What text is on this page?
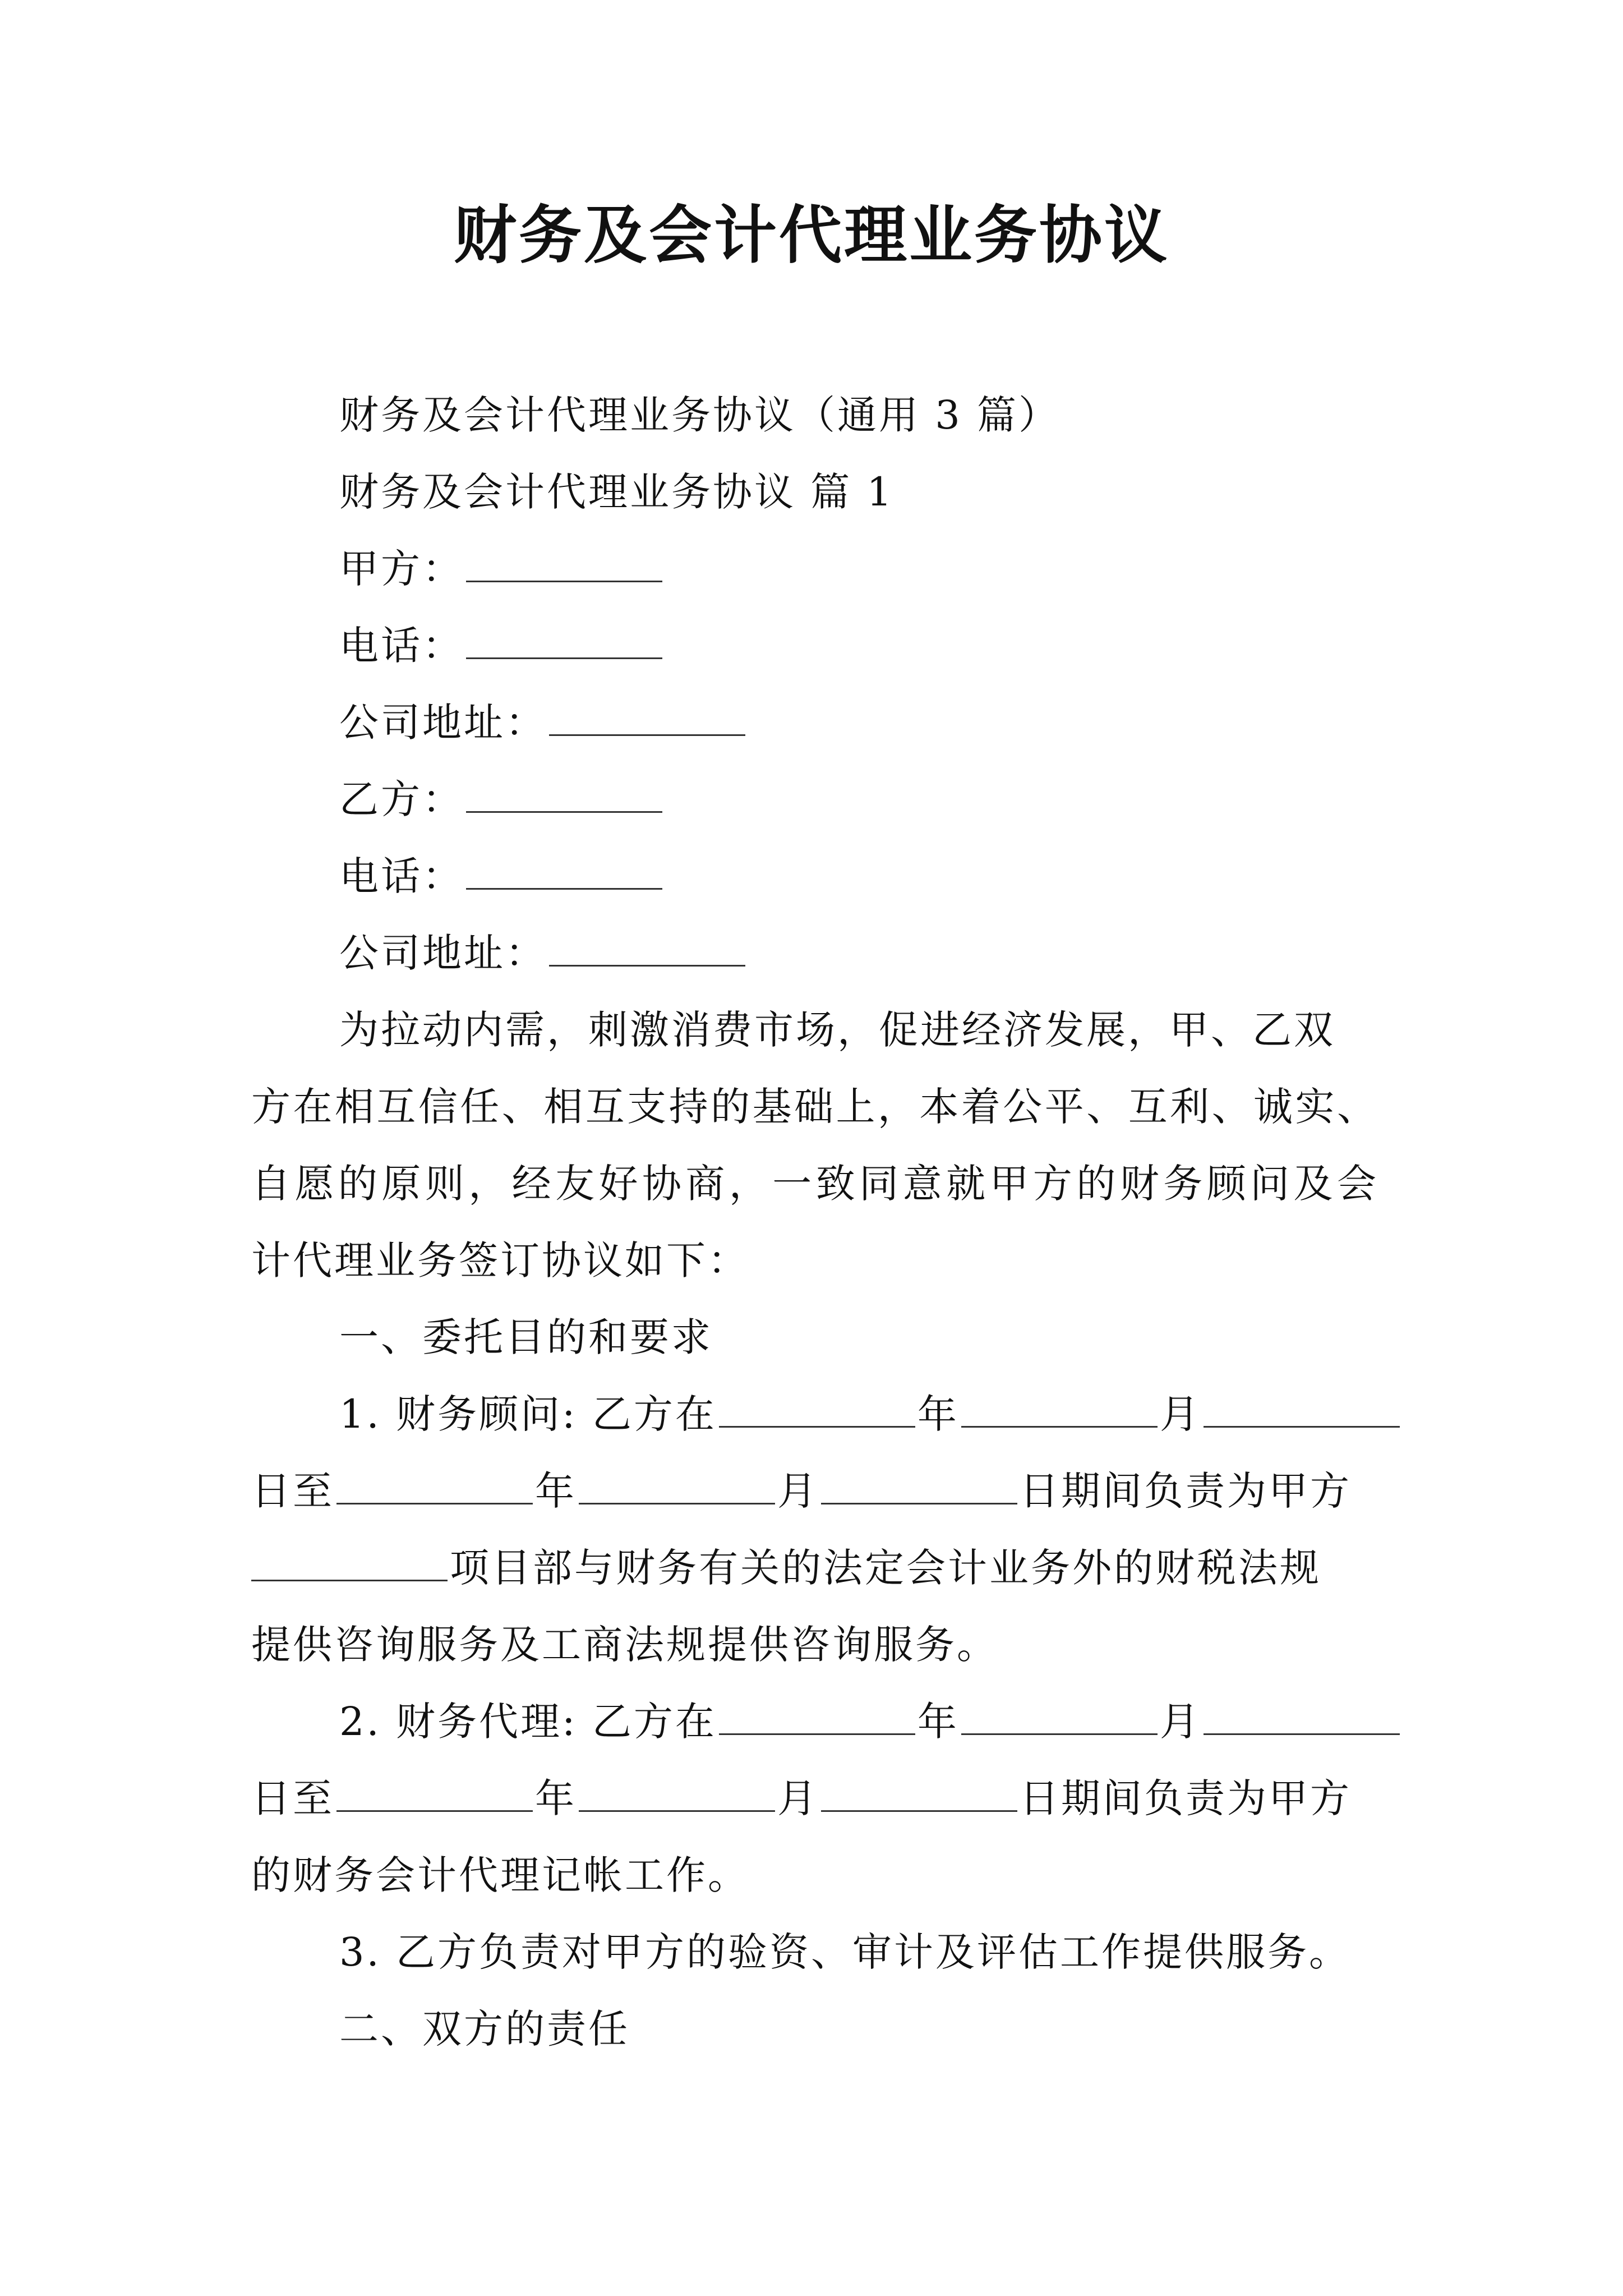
财务及会计代理业务协议
财务及会计代理业务协议（通用 3 篇）
财务及会计代理业务协议 篇 1
甲方：
电话：
公司地址：
乙方：
电话：
公司地址：
为拉动内需，刺激消费市场，促进经济发展，甲、乙双
方在相互信任、相互支持的基础上，本着公平、互利、诚实、
自愿的原则，经友好协商，一致同意就甲方的财务顾问及会
计代理业务签订协议如下：
一、委托目的和要求
1. 财务顾问: 乙方在	年	月
日至	年	月	日期间负责为甲方
项目部与财务有关的法定会计业务外的财税法规
提供咨询服务及工商法规提供咨询服务。
2. 财务代理: 乙方在	年	月
日至	年	月	日期间负责为甲方
的财务会计代理记帐工作。
3. 乙方负责对甲方的验资、审计及评估工作提供服务。
二、双方的责任
